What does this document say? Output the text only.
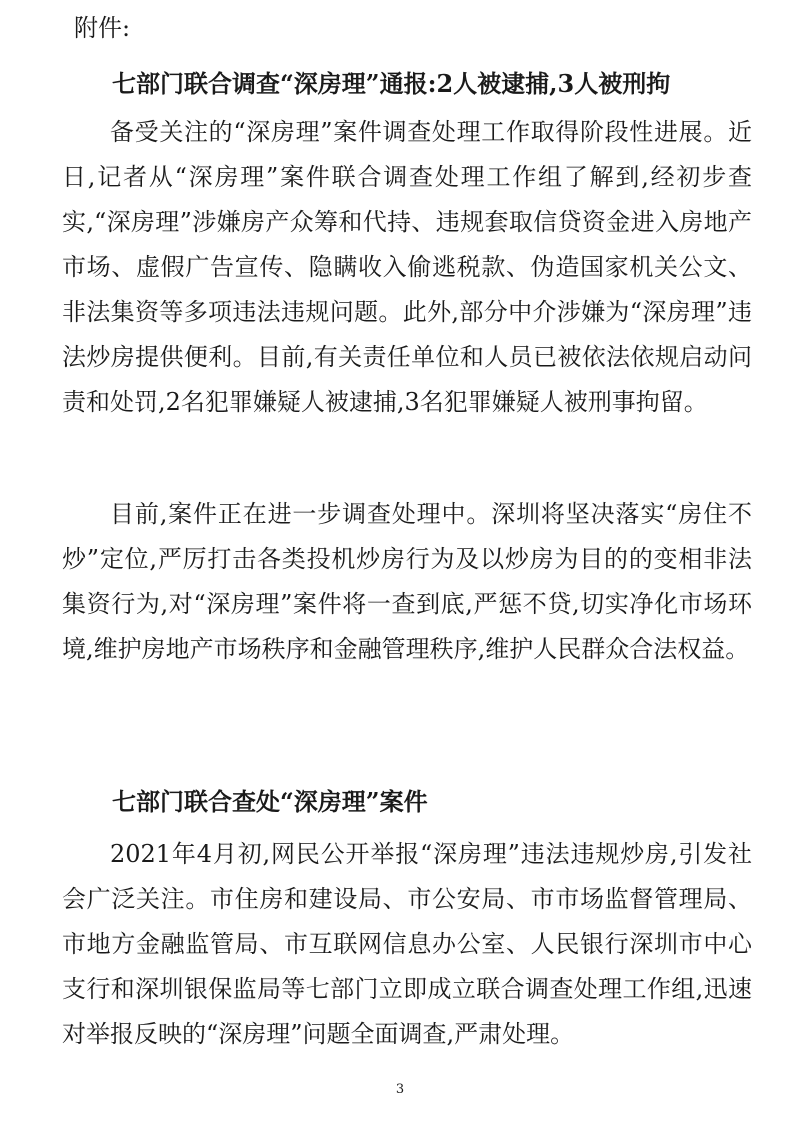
附件:
七部门联合调查“深房理”通报:2人被逮捕,3人被刑拘

备受关注的“深房理”案件调查处理工作取得阶段性进展。近日,记者从“深房理”案件联合调查处理工作组了解到,经初步查实,“深房理”涉嫌房产众筹和代持、违规套取信贷资金进入房地产市场、虚假广告宣传、隐瞒收入偷逃税款、伪造国家机关公文、非法集资等多项违法违规问题。此外,部分中介涉嫌为“深房理”违法炒房提供便利。目前,有关责任单位和人员已被依法依规启动问责和处罚,2名犯罪嫌疑人被逮捕,3名犯罪嫌疑人被刑事拘留。

目前,案件正在进一步调查处理中。深圳将坚决落实“房住不炒”定位,严厉打击各类投机炒房行为及以炒房为目的的变相非法集资行为,对“深房理”案件将一查到底,严惩不贷,切实净化市场环境,维护房地产市场秩序和金融管理秩序,维护人民群众合法权益。

七部门联合查处“深房理”案件

2021年4月初,网民公开举报“深房理”违法违规炒房,引发社会广泛关注。市住房和建设局、市公安局、市市场监督管理局、市地方金融监管局、市互联网信息办公室、人民银行深圳市中心支行和深圳银保监局等七部门立即成立联合调查处理工作组,迅速对举报反映的“深房理”问题全面调查,严肃处理。

3
